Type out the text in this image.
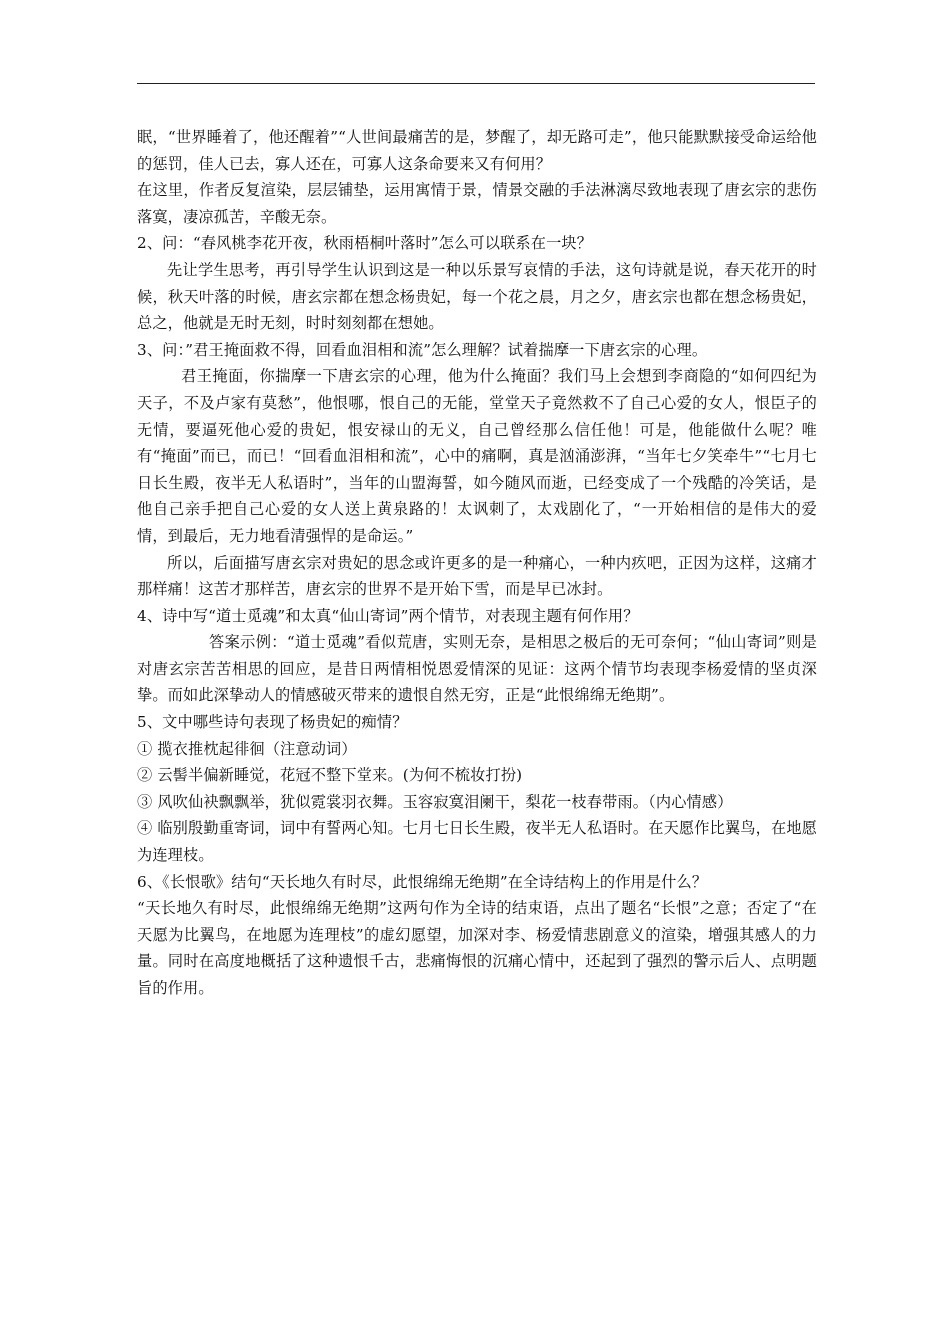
眠，“世界睡着了，他还醒着”“人世间最痛苦的是，梦醒了，却无路可走”，他只能默默接受命运给他的惩罚，佳人已去，寡人还在，可寡人这条命要来又有何用？

在这里，作者反复渲染，层层铺垫，运用寓情于景，情景交融的手法淋漓尽致地表现了唐玄宗的悲伤落寞，凄凉孤苦，辛酸无奈。

2、问：“春风桃李花开夜，秋雨梧桐叶落时”怎么可以联系在一块？

先让学生思考，再引导学生认识到这是一种以乐景写哀情的手法，这句诗就是说，春天花开的时候，秋天叶落的时候，唐玄宗都在想念杨贵妃，每一个花之晨，月之夕，唐玄宗也都在想念杨贵妃，总之，他就是无时无刻，时时刻刻都在想她。

3、问：”君王掩面救不得，回看血泪相和流”怎么理解？试着揣摩一下唐玄宗的心理。

君王掩面，你揣摩一下唐玄宗的心理，他为什么掩面？我们马上会想到李商隐的“如何四纪为天子，不及卢家有莫愁”，他恨哪，恨自己的无能，堂堂天子竟然救不了自己心爱的女人，恨臣子的无情，要逼死他心爱的贵妃，恨安禄山的无义，自己曾经那么信任他！可是，他能做什么呢？唯有“掩面”而已，而已！“回看血泪相和流”，心中的痛啊，真是汹涌澎湃，“当年七夕笑牵牛”“七月七日长生殿，夜半无人私语时”，当年的山盟海誓，如今随风而逝，已经变成了一个残酷的冷笑话，是他自己亲手把自己心爱的女人送上黄泉路的！太讽刺了，太戏剧化了，“一开始相信的是伟大的爱情，到最后，无力地看清强悍的是命运。”

所以，后面描写唐玄宗对贵妃的思念或许更多的是一种痛心，一种内疚吧，正因为这样，这痛才那样痛！这苦才那样苦，唐玄宗的世界不是开始下雪，而是早已冰封。

4、诗中写“道士觅魂”和太真“仙山寄词”两个情节，对表现主题有何作用？

答案示例：“道士觅魂”看似荒唐，实则无奈，是相思之极后的无可奈何；“仙山寄词”则是对唐玄宗苦苦相思的回应，是昔日两情相悦恩爱情深的见证：这两个情节均表现李杨爱情的坚贞深挚。而如此深挚动人的情感破灭带来的遗恨自然无穷，正是“此恨绵绵无绝期”。

5、文中哪些诗句表现了杨贵妃的痴情？

① 揽衣推枕起徘徊（注意动词）

② 云髻半偏新睡觉，花冠不整下堂来。(为何不梳妆打扮)

③ 风吹仙袂飘飘举，犹似霓裳羽衣舞。玉容寂寞泪阑干，梨花一枝春带雨。（内心情感）

④ 临别殷勤重寄词，词中有誓两心知。七月七日长生殿，夜半无人私语时。在天愿作比翼鸟，在地愿为连理枝。

6、《长恨歌》结句“天长地久有时尽，此恨绵绵无绝期”在全诗结构上的作用是什么？

“天长地久有时尽，此恨绵绵无绝期”这两句作为全诗的结束语，点出了题名“长恨”之意；否定了“在天愿为比翼鸟，在地愿为连理枝”的虚幻愿望，加深对李、杨爱情悲剧意义的渲染，增强其感人的力量。同时在高度地概括了这种遗恨千古，悲痛悔恨的沉痛心情中，还起到了强烈的警示后人、点明题旨的作用。
